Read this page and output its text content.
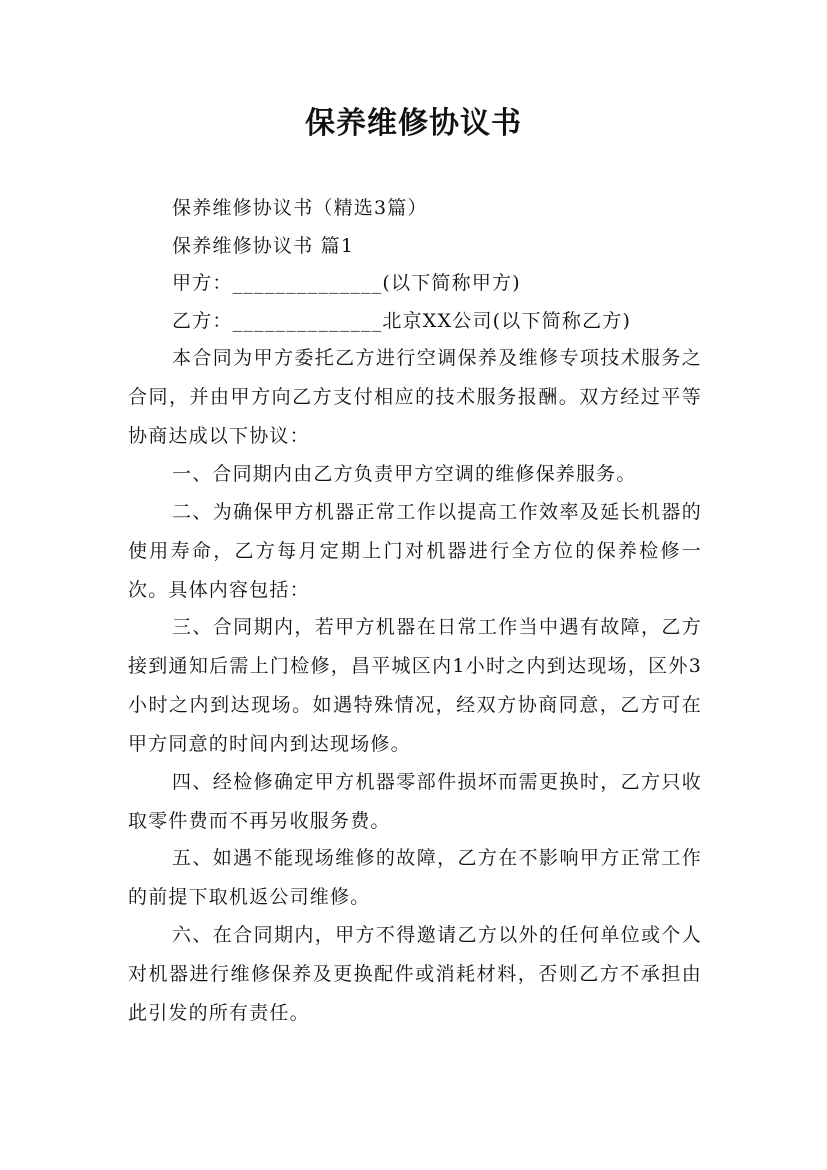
保养维修协议书

保养维修协议书（精选3篇）

保养维修协议书 篇1

甲方：______________(以下简称甲方)

乙方：______________北京XX公司(以下简称乙方)

本合同为甲方委托乙方进行空调保养及维修专项技术服务之合同，并由甲方向乙方支付相应的技术服务报酬。双方经过平等协商达成以下协议：

一、合同期内由乙方负责甲方空调的维修保养服务。

二、为确保甲方机器正常工作以提高工作效率及延长机器的使用寿命，乙方每月定期上门对机器进行全方位的保养检修一次。具体内容包括：

三、合同期内，若甲方机器在日常工作当中遇有故障，乙方接到通知后需上门检修，昌平城区内1小时之内到达现场，区外3小时之内到达现场。如遇特殊情况，经双方协商同意，乙方可在甲方同意的时间内到达现场修。

四、经检修确定甲方机器零部件损坏而需更换时，乙方只收取零件费而不再另收服务费。

五、如遇不能现场维修的故障，乙方在不影响甲方正常工作的前提下取机返公司维修。

六、在合同期内，甲方不得邀请乙方以外的任何单位或个人对机器进行维修保养及更换配件或消耗材料，否则乙方不承担由此引发的所有责任。
